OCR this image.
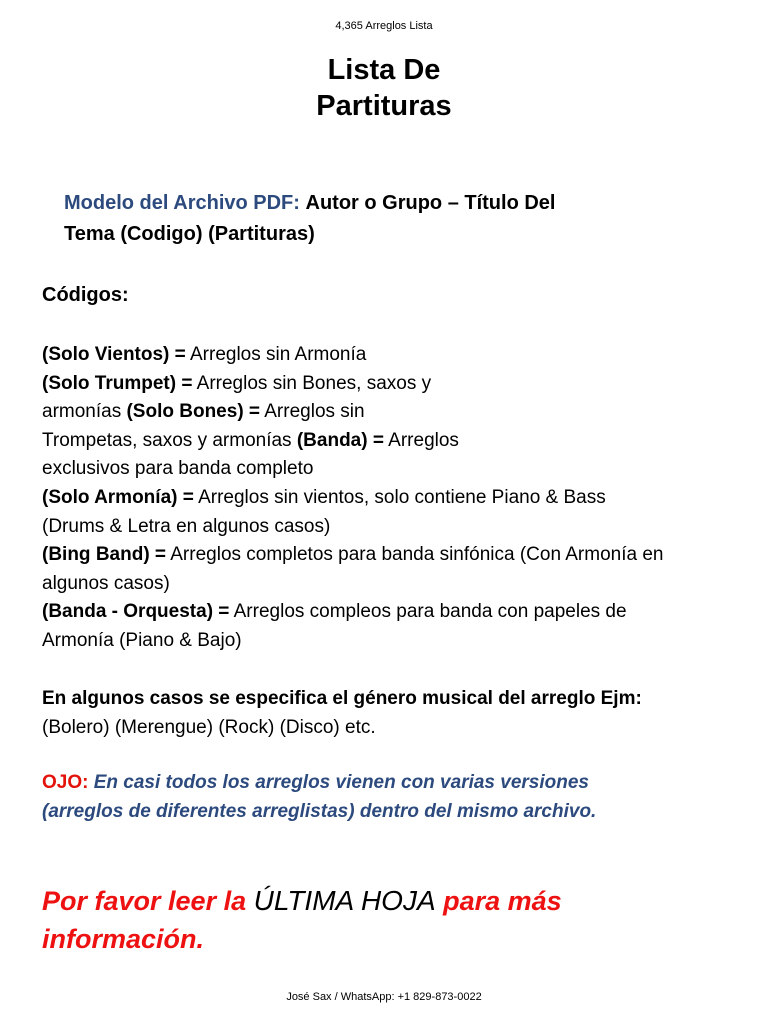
4,365 Arreglos Lista
Lista De
Partituras
Modelo del Archivo PDF: Autor o Grupo – Título Del
Tema (Codigo) (Partituras)
Códigos:
(Solo Vientos) = Arreglos sin Armonía
(Solo Trumpet) = Arreglos sin Bones, saxos y
armonías (Solo Bones) = Arreglos sin
Trompetas, saxos y armonías (Banda) = Arreglos
exclusivos para banda completo
(Solo Armonía) = Arreglos sin vientos, solo contiene Piano & Bass
(Drums & Letra en algunos casos)
(Bing Band) = Arreglos completos para banda sinfónica (Con Armonía en
algunos casos)
(Banda - Orquesta) = Arreglos compleos para banda con papeles de
Armonía (Piano & Bajo)
En algunos casos se especifica el género musical del arreglo Ejm:
(Bolero) (Merengue) (Rock) (Disco) etc.
OJO: En casi todos los arreglos vienen con varias versiones
(arreglos de diferentes arreglistas) dentro del mismo archivo.
Por favor leer la ÚLTIMA HOJA para más
información.
José Sax / WhatsApp: +1 829-873-0022
